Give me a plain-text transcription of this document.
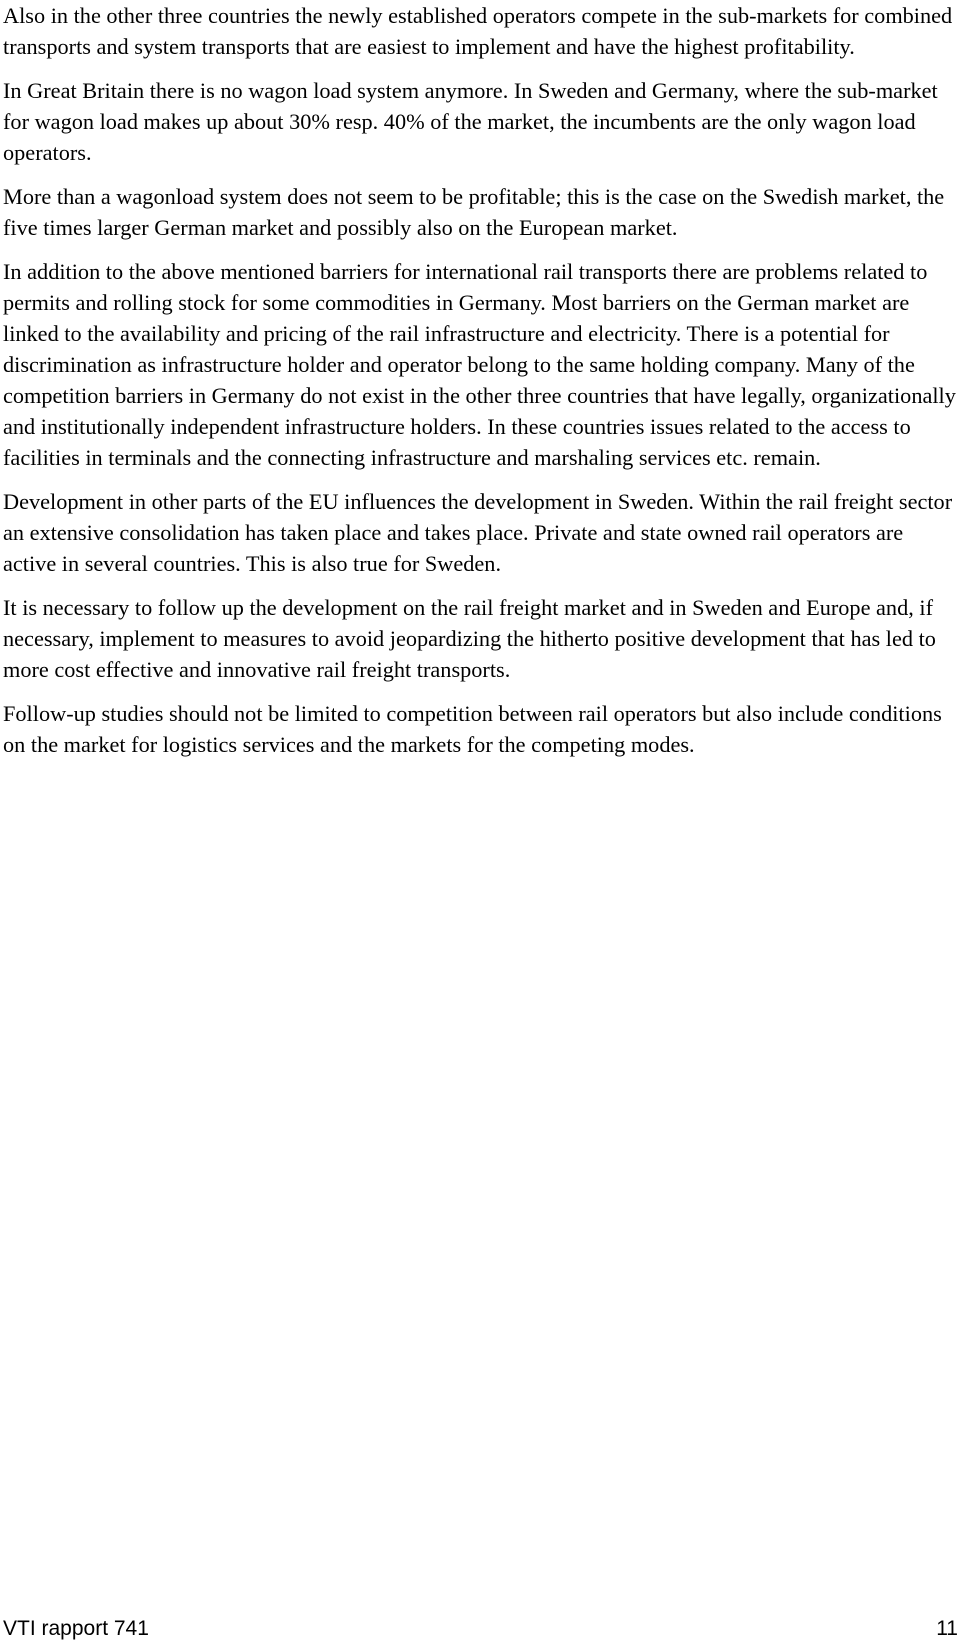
Also in the other three countries the newly established operators compete in the sub-markets for combined transports and system transports that are easiest to implement and have the highest profitability.

In Great Britain there is no wagon load system anymore. In Sweden and Germany, where the sub-market for wagon load makes up about 30% resp. 40% of the market, the incumbents are the only wagon load operators.

More than a wagonload system does not seem to be profitable; this is the case on the Swedish market, the five times larger German market and possibly also on the European market.

In addition to the above mentioned barriers for international rail transports there are problems related to permits and rolling stock for some commodities in Germany. Most barriers on the German market are linked to the availability and pricing of the rail infrastructure and electricity. There is a potential for discrimination as infrastructure holder and operator belong to the same holding company. Many of the competition barriers in Germany do not exist in the other three countries that have legally, organizationally and institutionally independent infrastructure holders. In these countries issues related to the access to facilities in terminals and the connecting infrastructure and marshaling services etc. remain.

Development in other parts of the EU influences the development in Sweden. Within the rail freight sector an extensive consolidation has taken place and takes place. Private and state owned rail operators are active in several countries. This is also true for Sweden.

It is necessary to follow up the development on the rail freight market and in Sweden and Europe and, if necessary, implement to measures to avoid jeopardizing the hitherto positive development that has led to more cost effective and innovative rail freight transports.

Follow-up studies should not be limited to competition between rail operators but also include conditions on the market for logistics services and the markets for the competing modes.

VTI rapport 741	11
